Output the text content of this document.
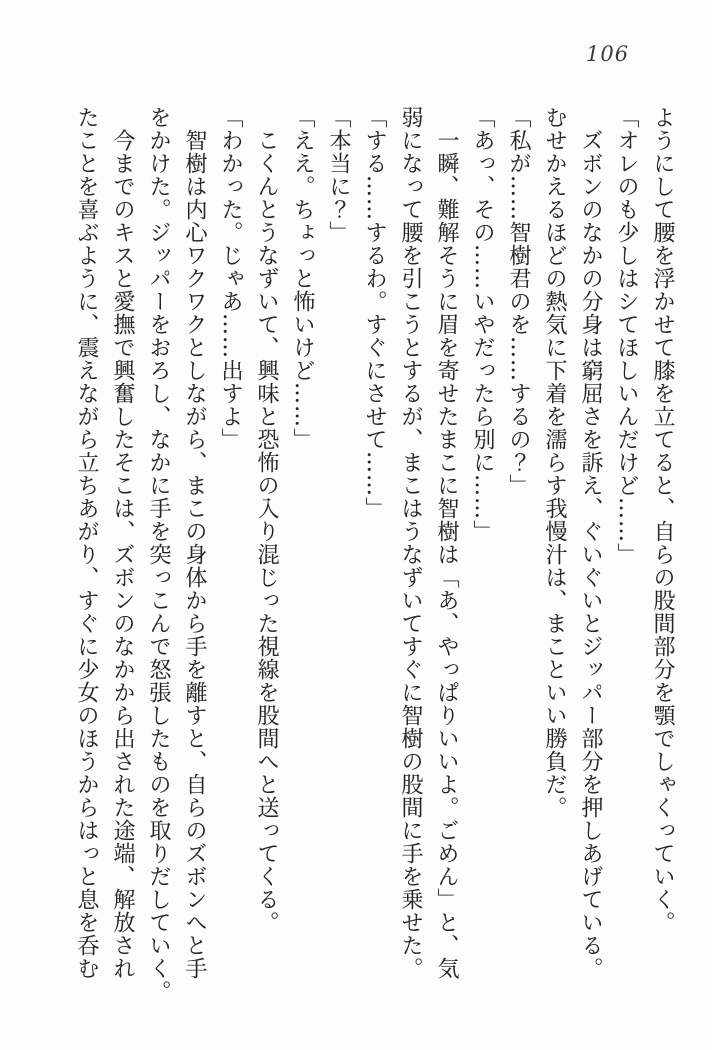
106

ようにして腰を浮かせて膝を立てると、自らの股間部分を顎でしゃくっていく。

「オレのも少しはシてほしいんだけど……」

ズボンのなかの分身は窮屈さを訴え、ぐいぐいとジッパー部分を押しあげている。

むせかえるほどの熱気に下着を濡らす我慢汁は、まこといい勝負だ。

「私が……智樹君のを……するの？」

「あっ、その……いやだったら別に……」

一瞬、難解そうに眉を寄せたまこに智樹は「あ、やっぱりいいよ。ごめん」と、気

弱になって腰を引こうとするが、まこはうなずいてすぐに智樹の股間に手を乗せた。

「する……するわ。すぐにさせて……」

「本当に？」

「ええ。ちょっと怖いけど……」

こくんとうなずいて、興味と恐怖の入り混じった視線を股間へと送ってくる。

「わかった。じゃあ……出すよ」

智樹は内心ワクワクとしながら、まこの身体から手を離すと、自らのズボンへと手

をかけた。ジッパーをおろし、なかに手を突っこんで怒張したものを取りだしていく。

今までのキスと愛撫で興奮したそこは、ズボンのなかから出された途端、解放され

たことを喜ぶように、震えながら立ちあがり、すぐに少女のほうからはっと息を呑む
